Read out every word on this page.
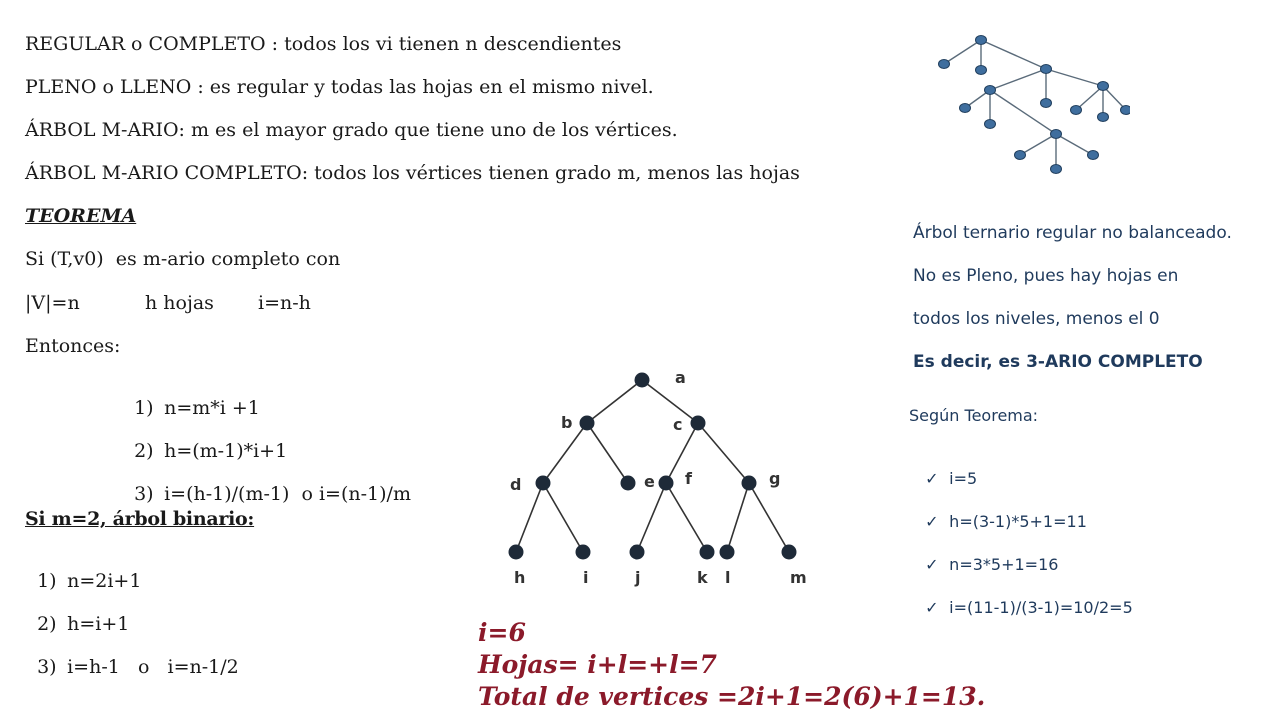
REGULAR o COMPLETO : todos los vi tienen n descendientes
PLENO o LLENO : es regular y todas las hojas en el mismo nivel.
ÁRBOL M-ARIO: m es el mayor grado que tiene uno de los vértices.
ÁRBOL M-ARIO COMPLETO: todos los vértices tienen grado m, menos las hojas
TEOREMA
Si (T,v0)  es m-ario completo con
|V|=n	h hojas i=n-h
Entonces:

1) n=m*i +1

2) h=(m-1)*i+1

3) i=(h-1)/(m-1)  o i=(n-1)/m

Si m=2, árbol binario:

1) n=2i+1

2) h=i+1

3) i=h-1   o   i=n-1/2

Árbol ternario regular no balanceado.
No es Pleno, pues hay hojas en
todos los niveles, menos el 0
Es decir, es 3-ARIO COMPLETO
Según Teorema:

✓ i=5

✓ h=(3-1)*5+1=11

✓ n=3*5+1=16

✓ i=(11-1)/(3-1)=10/2=5

a
b	c
d	e f	g
h	i	j	k l	m
i=6
Hojas= i+l=+l=7
Total de vertices =2i+1=2(6)+1=13.
